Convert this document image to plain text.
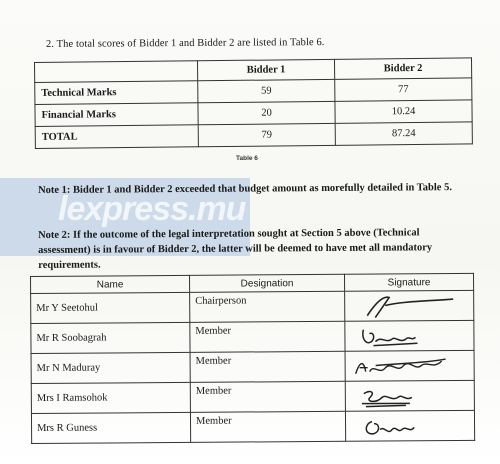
2. The total scores of Bidder 1 and Bidder 2 are listed in Table 6.
	Bidder 1	Bidder 2
Technical Marks	59	77
Financial Marks	20	10.24
TOTAL	79	87.24
Table 6
lexpress.mu
Note 1: Bidder 1 and Bidder 2 exceeded that budget amount as morefully detailed in Table 5.
Note 2: If the outcome of the legal interpretation sought at Section 5 above (Technical assessment) is in favour of Bidder 2, the latter will be deemed to have met all mandatory requirements.
Name	Designation	Signature
Mr Y Seetohul	Chairperson	

Mr R Soobagrah	Member	

Mr N Maduray	Member	

Mrs I Ramsohok	Member	

Mrs R Guness	Member	
